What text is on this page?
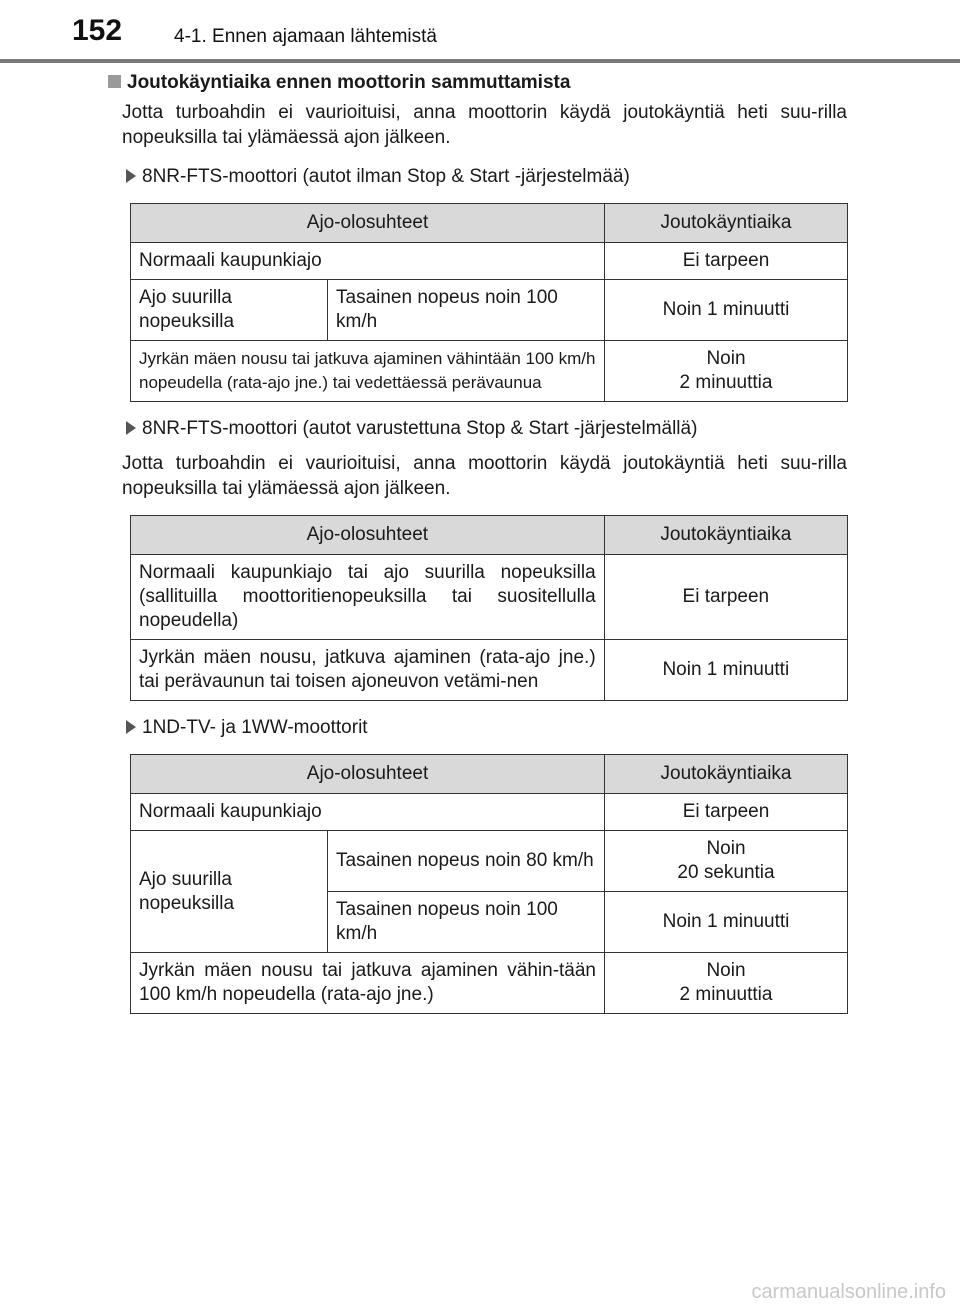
152	4-1. Ennen ajamaan lähtemistä
Joutokäyntiaika ennen moottorin sammuttamista

Jotta turboahdin ei vaurioituisi, anna moottorin käydä joutokäyntiä heti suu-rilla nopeuksilla tai ylämäessä ajon jälkeen.

8NR-FTS-moottori (autot ilman Stop & Start -järjestelmää)
Ajo-olosuhteet		Joutokäyntiaika
Normaali kaupunkiajo		Ei tarpeen
Ajo suurilla nopeuksilla	Tasainen nopeus noin 100 km/h	Noin 1 minuutti
Jyrkän mäen nousu tai jatkuva ajaminen vähintään 100 km/h nopeudella (rata-ajo jne.) tai vedettäessä perävaunua		Noin
2 minuuttia
8NR-FTS-moottori (autot varustettuna Stop & Start -järjestelmällä)

Jotta turboahdin ei vaurioituisi, anna moottorin käydä joutokäyntiä heti suu-rilla nopeuksilla tai ylämäessä ajon jälkeen.

Ajo-olosuhteet	Joutokäyntiaika
Normaali kaupunkiajo tai ajo suurilla nopeuksilla (sallituilla moottoritienopeuksilla tai suositellulla nopeudella)	Ei tarpeen
Jyrkän mäen nousu, jatkuva ajaminen (rata-ajo jne.) tai perävaunun tai toisen ajoneuvon vetämi-nen	Noin 1 minuutti
1ND-TV- ja 1WW-moottorit
Ajo-olosuhteet		Joutokäyntiaika
Normaali kaupunkiajo		Ei tarpeen
Ajo suurilla nopeuksilla	Tasainen nopeus noin 80 km/h	Noin
20 sekuntia
	Tasainen nopeus noin 100 km/h	Noin 1 minuutti
Jyrkän mäen nousu tai jatkuva ajaminen vähin-tään 100 km/h nopeudella (rata-ajo jne.)		Noin
2 minuuttia
carmanualsonline.info
